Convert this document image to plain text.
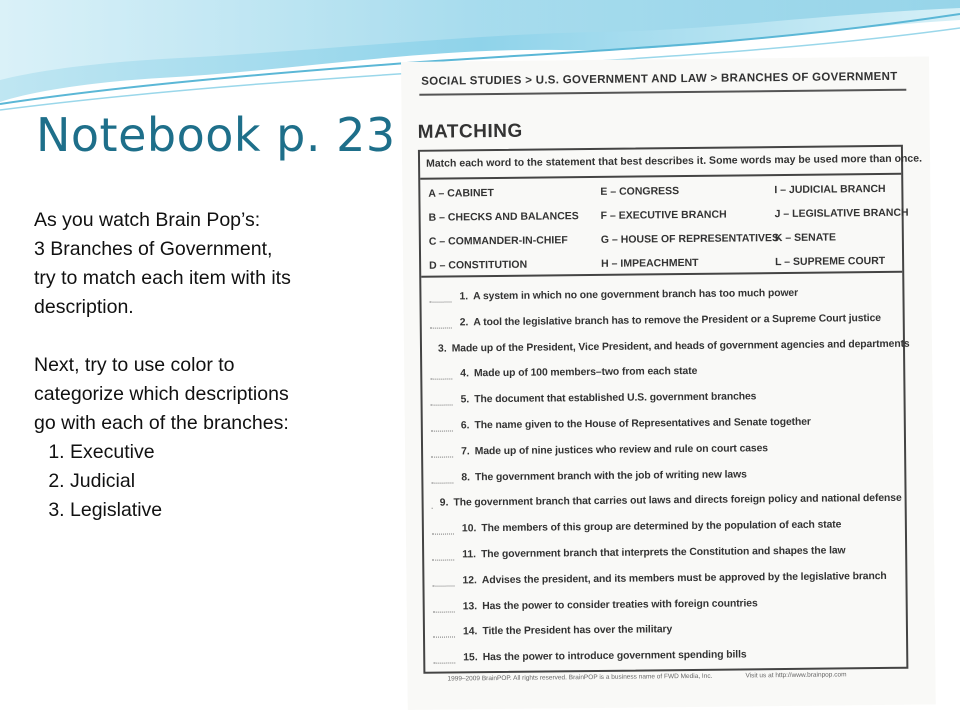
Notebook p. 23

As you watch Brain Pop’s:

3 Branches of Government,

try to match each item with its

description.

Next, try to use color to

categorize which descriptions

go with each of the branches:

1. Executive
2. Judicial
3. Legislative
SOCIAL STUDIES > U.S. GOVERNMENT AND LAW > BRANCHES OF GOVERNMENT
MATCHING
Match each word to the statement that best describes it. Some words may be used more than once.
A – CABINET
B – CHECKS AND BALANCES
C – COMMANDER-IN-CHIEF
D – CONSTITUTION
E – CONGRESS
F – EXECUTIVE BRANCH
G – HOUSE OF REPRESENTATIVES
H – IMPEACHMENT
I – JUDICIAL BRANCH
J – LEGISLATIVE BRANCH
K – SENATE
L – SUPREME COURT
1. A system in which no one government branch has too much power
2. A tool the legislative branch has to remove the President or a Supreme Court justice
3. Made up of the President, Vice President, and heads of government agencies and departments
4. Made up of 100 members–two from each state
5. The document that established U.S. government branches
6. The name given to the House of Representatives and Senate together
7. Made up of nine justices who review and rule on court cases
8. The government branch with the job of writing new laws
9. The government branch that carries out laws and directs foreign policy and national defense
10. The members of this group are determined by the population of each state
11. The government branch that interprets the Constitution and shapes the law
12. Advises the president, and its members must be approved by the legislative branch
13. Has the power to consider treaties with foreign countries
14. Title the President has over the military
15. Has the power to introduce government spending bills
1999–2009 BrainPOP. All rights reserved. BrainPOP is a business name of FWD Media, Inc.	Visit us at http://www.brainpop.com
